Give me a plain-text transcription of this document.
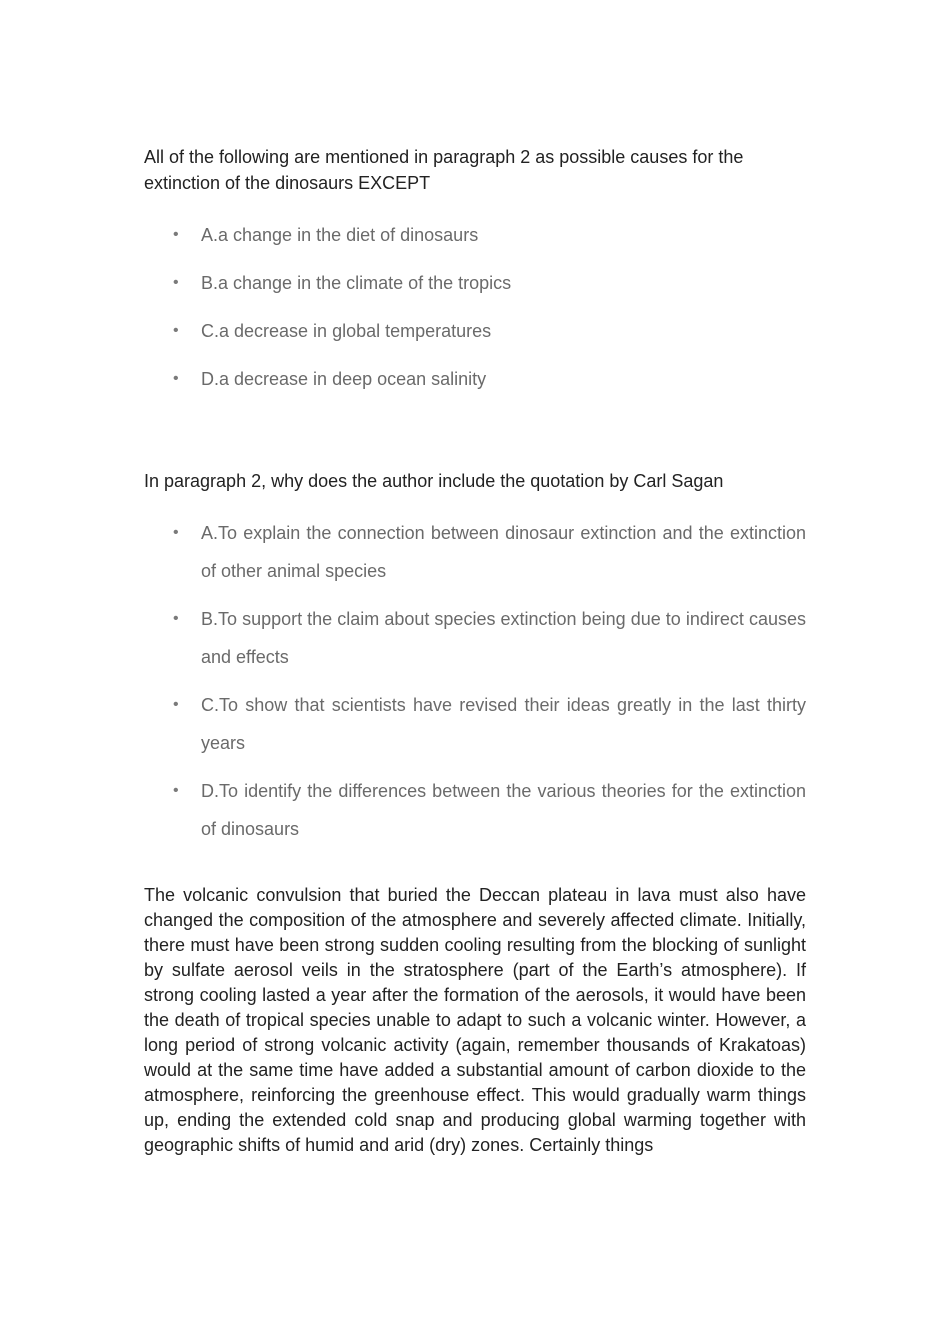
All of the following are mentioned in paragraph 2 as possible causes for the extinction of the dinosaurs EXCEPT

• A.a change in the diet of dinosaurs
• B.a change in the climate of the tropics
• C.a decrease in global temperatures
• D.a decrease in deep ocean salinity

In paragraph 2, why does the author include the quotation by Carl Sagan

• A.To explain the connection between dinosaur extinction and the extinction of other animal species
• B.To support the claim about species extinction being due to indirect causes and effects
• C.To show that scientists have revised their ideas greatly in the last thirty years
• D.To identify the differences between the various theories for the extinction of dinosaurs

The volcanic convulsion that buried the Deccan plateau in lava must also have changed the composition of the atmosphere and severely affected climate. Initially, there must have been strong sudden cooling resulting from the blocking of sunlight by sulfate aerosol veils in the stratosphere (part of the Earth’s atmosphere). If strong cooling lasted a year after the formation of the aerosols, it would have been the death of tropical species unable to adapt to such a volcanic winter. However, a long period of strong volcanic activity (again, remember thousands of Krakatoas) would at the same time have added a substantial amount of carbon dioxide to the atmosphere, reinforcing the greenhouse effect. This would gradually warm things up, ending the extended cold snap and producing global warming together with geographic shifts of humid and arid (dry) zones. Certainly things
